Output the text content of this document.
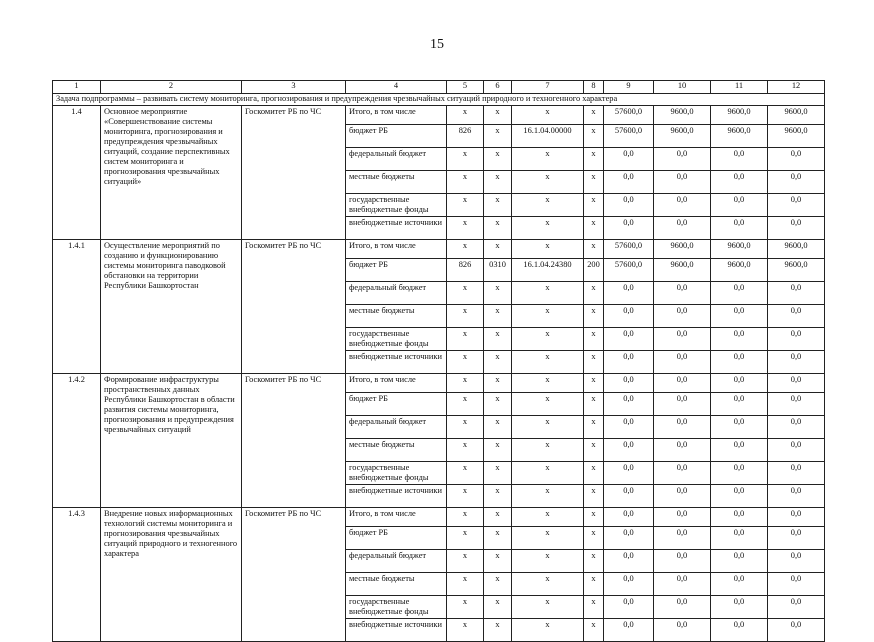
15
1	2	3	4	5	6	7	8	9	10	11	12
Задача подпрограммы – развивать систему мониторинга, прогнозирования и предупреждения чрезвычайных ситуаций природного и техногенного характера											
1.4	Основное мероприятие «Совершенствование системы мониторинга, прогнозирования и предупреждения чрезвычайных ситуаций, создание перспективных систем мониторинга и прогнозирования чрезвычайных ситуаций»	Госкомитет РБ по ЧС	Итого, в том числе	х	х	х	х	57600,0	9600,0	9600,0	9600,0
			бюджет РБ	826	х	16.1.04.00000	х	57600,0	9600,0	9600,0	9600,0
			федеральный бюджет	х	х	х	х	0,0	0,0	0,0	0,0
			местные бюджеты	х	х	х	х	0,0	0,0	0,0	0,0
			государственные внебюджетные фонды	х	х	х	х	0,0	0,0	0,0	0,0
			внебюджетные источники	х	х	х	х	0,0	0,0	0,0	0,0
1.4.1	Осуществление мероприятий по созданию и функционированию системы мониторинга паводковой обстановки на территории Республики Башкортостан	Госкомитет РБ по ЧС	Итого, в том числе	х	х	х	х	57600,0	9600,0	9600,0	9600,0
			бюджет РБ	826	0310	16.1.04.24380	200	57600,0	9600,0	9600,0	9600,0
			федеральный бюджет	х	х	х	х	0,0	0,0	0,0	0,0
			местные бюджеты	х	х	х	х	0,0	0,0	0,0	0,0
			государственные внебюджетные фонды	х	х	х	х	0,0	0,0	0,0	0,0
			внебюджетные источники	х	х	х	х	0,0	0,0	0,0	0,0
1.4.2	Формирование инфраструктуры пространственных данных Республики Башкортостан в области развития системы мониторинга, прогнозирования и предупреждения чрезвычайных ситуаций	Госкомитет РБ по ЧС	Итого, в том числе	х	х	х	х	0,0	0,0	0,0	0,0
			бюджет РБ	х	х	х	х	0,0	0,0	0,0	0,0
			федеральный бюджет	х	х	х	х	0,0	0,0	0,0	0,0
			местные бюджеты	х	х	х	х	0,0	0,0	0,0	0,0
			государственные внебюджетные фонды	х	х	х	х	0,0	0,0	0,0	0,0
			внебюджетные источники	х	х	х	х	0,0	0,0	0,0	0,0
1.4.3	Внедрение новых информационных технологий системы мониторинга и прогнозирования чрезвычайных ситуаций природного и техногенного характера	Госкомитет РБ по ЧС	Итого, в том числе	х	х	х	х	0,0	0,0	0,0	0,0
			бюджет РБ	х	х	х	х	0,0	0,0	0,0	0,0
			федеральный бюджет	х	х	х	х	0,0	0,0	0,0	0,0
			местные бюджеты	х	х	х	х	0,0	0,0	0,0	0,0
			государственные внебюджетные фонды	х	х	х	х	0,0	0,0	0,0	0,0
			внебюджетные источники	х	х	х	х	0,0	0,0	0,0	0,0
